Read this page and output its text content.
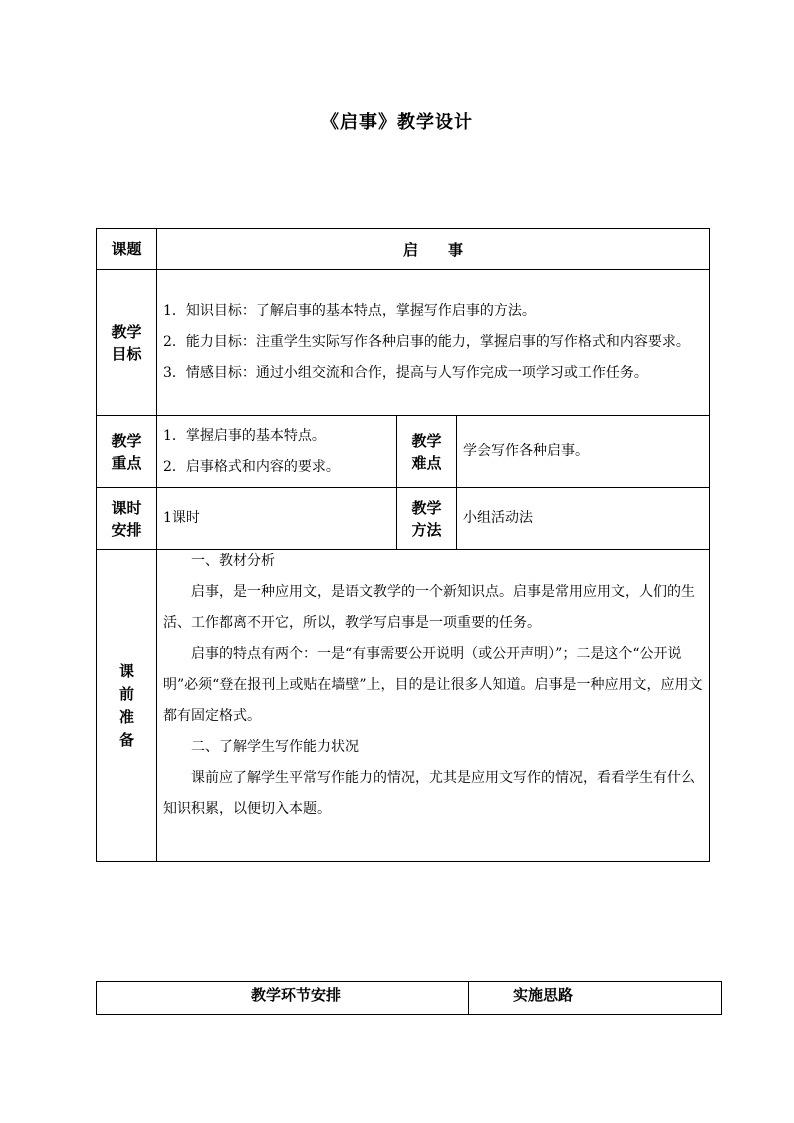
《启事》教学设计
课题	启　　事		

教学目标	1．知识目标：了解启事的基本特点，掌握写作启事的方法。

2．能力目标：注重学生实际写作各种启事的能力，掌握启事的写作格式和内容要求。

3．情感目标：通过小组交流和合作，提高与人写作完成一项学习或工作任务。		

教学重点	1．掌握启事的基本特点。

2．启事格式和内容的要求。	教学难点	学会写作各种启事。

课时安排	1课时	教学方法	小组活动法

课前准备	一、教材分析

启事，是一种应用文，是语文教学的一个新知识点。启事是常用应用文，人们的生活、工作都离不开它，所以，教学写启事是一项重要的任务。

启事的特点有两个：一是“有事需要公开说明（或公开声明）”；二是这个“公开说明”必须“登在报刊上或贴在墙壁”上，目的是让很多人知道。启事是一种应用文，应用文都有固定格式。

二、了解学生写作能力状况

课前应了解学生平常写作能力的情况，尤其是应用文写作的情况，看看学生有什么知识积累，以便切入本题。		

教学环节安排	实施思路
